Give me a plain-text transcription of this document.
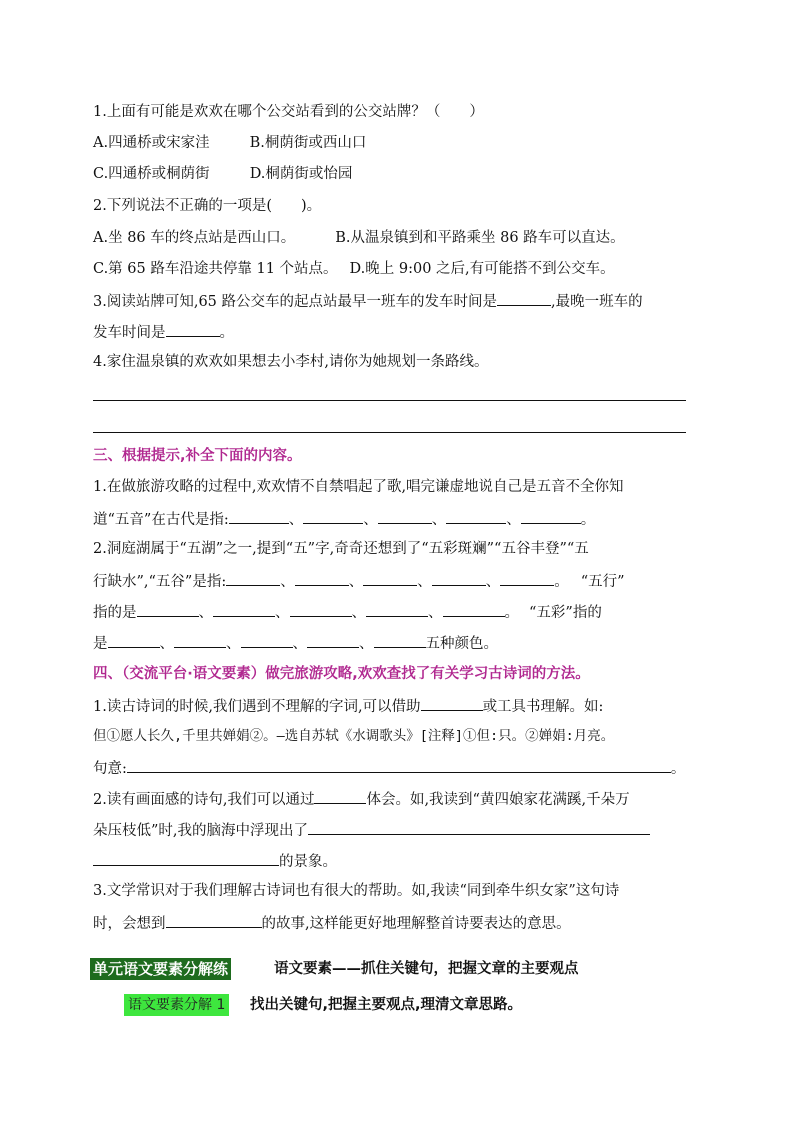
1.上面有可能是欢欢在哪个公交站看到的公交站牌？（　　）
A.四通桥或宋家洼	B.桐荫街或西山口
C.四通桥或桐荫街	D.桐荫街或怡园
2.下列说法不正确的一项是(　　)。
A.坐 86 车的终点站是西山口。	B.从温泉镇到和平路乘坐 86 路车可以直达。
C.第 65 路车沿途共停靠 11 个站点。 D.晚上 9:00 之后,有可能搭不到公交车。
3.阅读站牌可知,65 路公交车的起点站最早一班车的发车时间是	,最晚一班车的
发车时间是	。
4.家住温泉镇的欢欢如果想去小李村,请你为她规划一条路线。
三、根据提示,补全下面的内容。
1.在做旅游攻略的过程中,欢欢情不自禁唱起了歌,唱完谦虚地说自己是五音不全你知
道“五音”在古代是指:	、	、	、	、	。
2.洞庭湖属于“五湖”之一,提到“五”字,奇奇还想到了“五彩斑斓”“五谷丰登”“五
行缺水”,“五谷”是指:	、	、	、	、	。 “五行”
指的是	、	、	、	、	。 “五彩”指的
是	、	、	、	、	五种颜色。
四、（交流平台·语文要素）做完旅游攻略,欢欢查找了有关学习古诗词的方法。
1.读古诗词的时候,我们遇到不理解的字词,可以借助	或工具书理解。如:
但①愿人长久,千里共婵娟②。—选自苏轼《水调歌头》[注释]①但:只。②婵娟:月亮。
句意:	。
2.读有画面感的诗句,我们可以通过	体会。如,我读到“黄四娘家花满蹊,千朵万
朵压枝低”时,我的脑海中浮现出了
的景象。
3.文学常识对于我们理解古诗词也有很大的帮助。如,我读“同到牵牛织女家”这句诗
时，会想到	的故事,这样能更好地理解整首诗要表达的意思。
单元语文要素分解练	语文要素——抓住关键句，把握文章的主要观点
语文要素分解 1 找出关键句,把握主要观点,理清文章思路。
